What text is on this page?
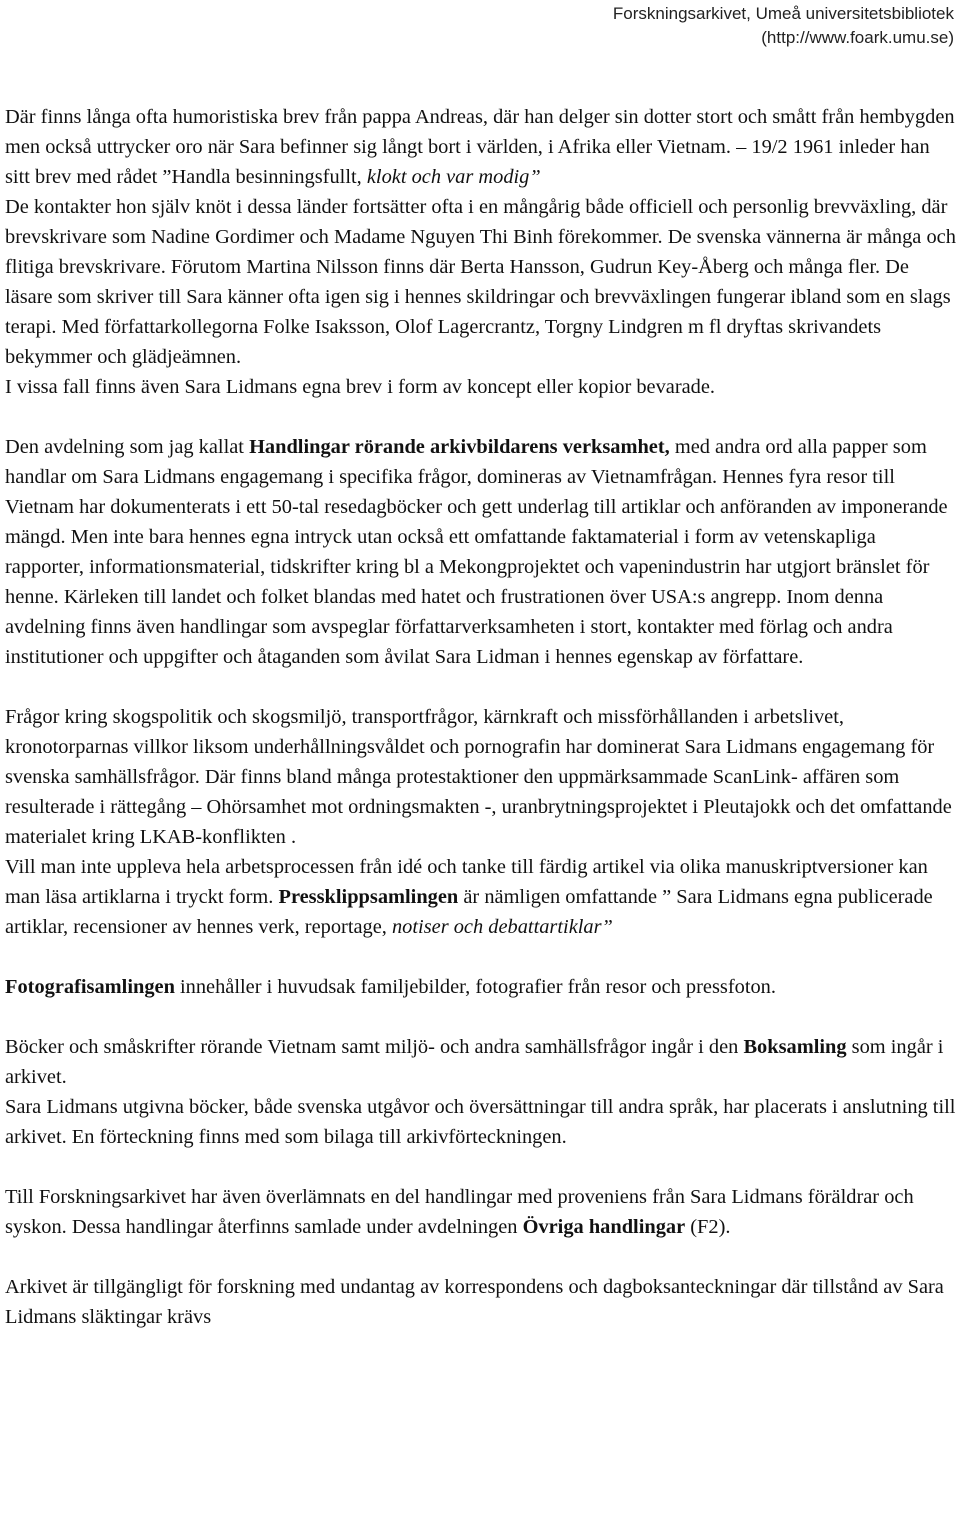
Forskningsarkivet, Umeå universitetsbibliotek
(http://www.foark.umu.se)

Där finns långa ofta humoristiska brev från pappa Andreas, där han delger sin dotter stort och smått från hembygden men också uttrycker oro när Sara befinner sig långt bort i världen, i Afrika eller Vietnam. – 19/2 1961 inleder han sitt brev med rådet ”Handla besinningsfullt, klokt och var modig”

De kontakter hon själv knöt i dessa länder fortsätter ofta i en mångårig både officiell och personlig brevväxling, där brevskrivare som Nadine Gordimer och Madame Nguyen Thi Binh förekommer. De svenska vännerna är många och flitiga brevskrivare. Förutom Martina Nilsson finns där Berta Hansson, Gudrun Key-Åberg och många fler. De läsare som skriver till Sara känner ofta igen sig i hennes skildringar och brevväxlingen fungerar ibland som en slags terapi. Med författarkollegorna Folke Isaksson, Olof Lagercrantz, Torgny Lindgren m fl dryftas skrivandets bekymmer och glädjeämnen.

I vissa fall finns även Sara Lidmans egna brev i form av koncept eller kopior bevarade.

Den avdelning som jag kallat Handlingar rörande arkivbildarens verksamhet, med andra ord alla papper som handlar om Sara Lidmans engagemang i specifika frågor, domineras av Vietnamfrågan. Hennes fyra resor till Vietnam har dokumenterats i ett 50-tal resedagböcker och gett underlag till artiklar och anföranden av imponerande mängd. Men inte bara hennes egna intryck utan också ett omfattande faktamaterial i form av vetenskapliga rapporter, informationsmaterial, tidskrifter kring bl a Mekongprojektet och vapenindustrin har utgjort bränslet för henne. Kärleken till landet och folket blandas med hatet och frustrationen över USA:s angrepp. Inom denna avdelning finns även handlingar som avspeglar författarverksamheten i stort, kontakter med förlag och andra institutioner och uppgifter och åtaganden som åvilat Sara Lidman i hennes egenskap av författare.

Frågor kring skogspolitik och skogsmiljö, transportfrågor, kärnkraft och missförhållanden i arbetslivet, kronotorparnas villkor liksom underhållningsvåldet och pornografin har dominerat Sara Lidmans engagemang för svenska samhällsfrågor. Där finns bland många protestaktioner den uppmärksammade ScanLink- affären som resulterade i rättegång – Ohörsamhet mot ordningsmakten -, uranbrytningsprojektet i Pleutajokk och det omfattande materialet kring LKAB-konflikten .

Vill man inte uppleva hela arbetsprocessen från idé och tanke till färdig artikel via olika manuskriptversioner kan man läsa artiklarna i tryckt form. Pressklippsamlingen är nämligen omfattande ” Sara Lidmans egna publicerade artiklar, recensioner av hennes verk, reportage, notiser och debattartiklar”

Fotografisamlingen innehåller i huvudsak familjebilder, fotografier från resor och pressfoton.

Böcker och småskrifter rörande Vietnam samt miljö- och andra samhällsfrågor ingår i den Boksamling som ingår i arkivet.

Sara Lidmans utgivna böcker, både svenska utgåvor och översättningar till andra språk, har placerats i anslutning till arkivet. En förteckning finns med som bilaga till arkivförteckningen.

Till Forskningsarkivet har även överlämnats en del handlingar med proveniens från Sara Lidmans föräldrar och syskon. Dessa handlingar återfinns samlade under avdelningen Övriga handlingar (F2).

Arkivet är tillgängligt för forskning med undantag av korrespondens och dagboksanteckningar där tillstånd av Sara Lidmans släktingar krävs
